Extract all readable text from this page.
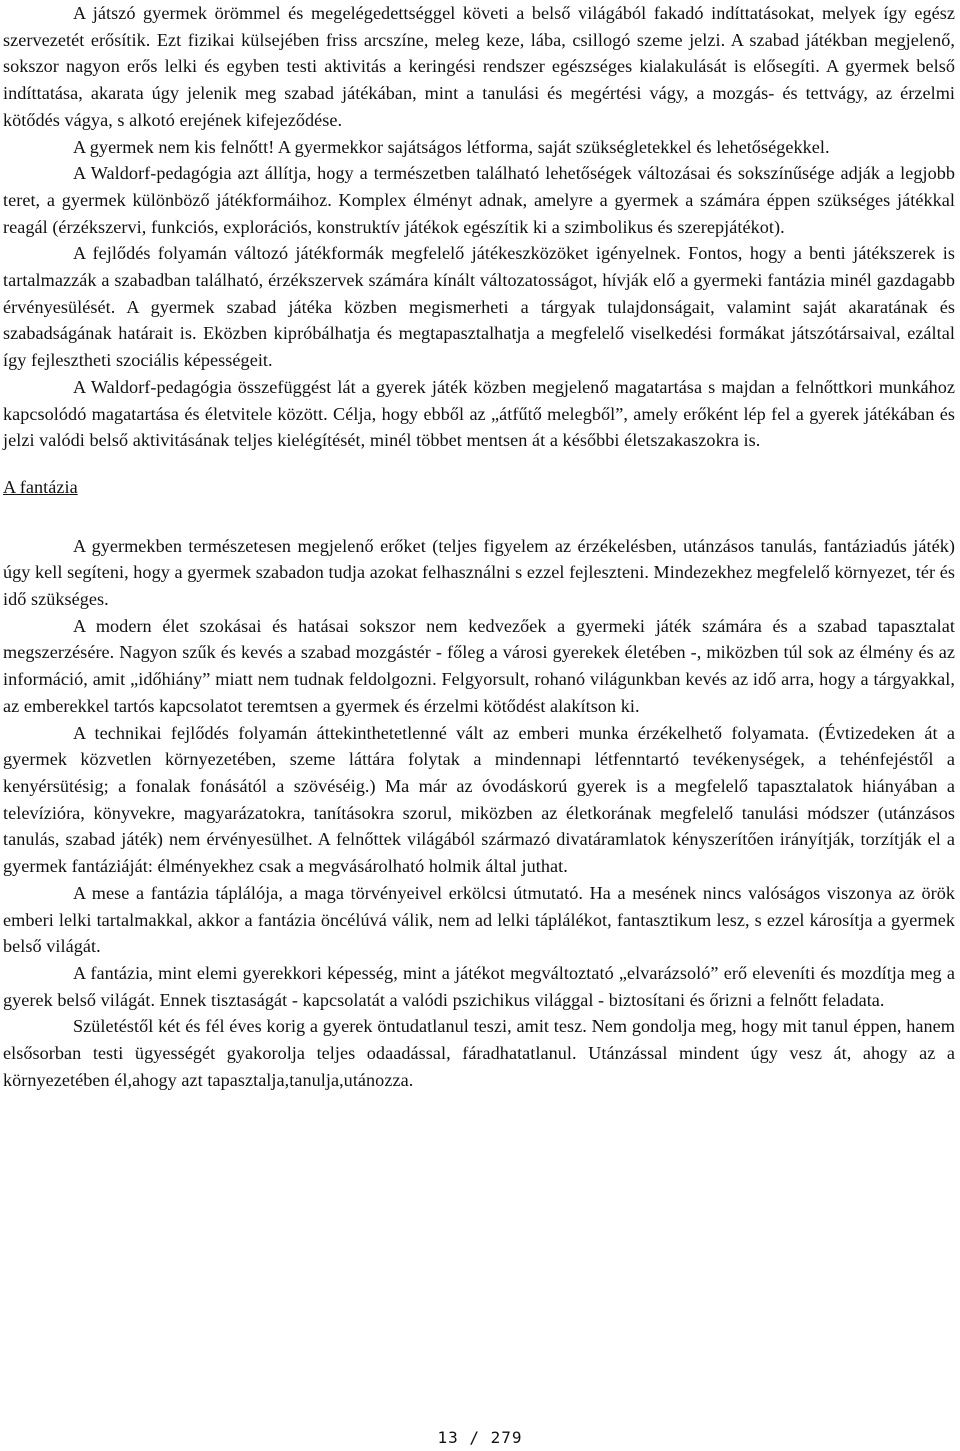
A játszó gyermek örömmel és megelégedettséggel követi a belső világából fakadó indíttatásokat, melyek így egész szervezetét erősítik. Ezt fizikai külsejében friss arcszíne, meleg keze, lába, csillogó szeme jelzi. A szabad játékban megjelenő, sokszor nagyon erős lelki és egyben testi aktivitás a keringési rendszer egészséges kialakulását is elősegíti. A gyermek belső indíttatása, akarata úgy jelenik meg szabad játékában, mint a tanulási és megértési vágy, a mozgás- és tettvágy, az érzelmi kötődés vágya, s alkotó erejének kifejeződése.

A gyermek nem kis felnőtt! A gyermekkor sajátságos létforma, saját szükségletekkel és lehetőségekkel.

A Waldorf-pedagógia azt állítja, hogy a természetben található lehetőségek változásai és sokszínűsége adják a legjobb teret, a gyermek különböző játékformáihoz. Komplex élményt adnak, amelyre a gyermek a számára éppen szükséges játékkal reagál (érzékszervi, funkciós, explorációs, konstruktív játékok egészítik ki a szimbolikus és szerepjátékot).

A fejlődés folyamán változó játékformák megfelelő játékeszközöket igényelnek. Fontos, hogy a benti játékszerek is tartalmazzák a szabadban található, érzékszervek számára kínált változatosságot, hívják elő a gyermeki fantázia minél gazdagabb érvényesülését. A gyermek szabad játéka közben megismerheti a tárgyak tulajdonságait, valamint saját akaratának és szabadságának határait is. Eközben kipróbálhatja és megtapasztalhatja a megfelelő viselkedési formákat játszótársaival, ezáltal így fejlesztheti szociális képességeit.

A Waldorf-pedagógia összefüggést lát a gyerek játék közben megjelenő magatartása s majdan a felnőttkori munkához kapcsolódó magatartása és életvitele között. Célja, hogy ebből az „átfűtő melegből”, amely erőként lép fel a gyerek játékában és jelzi valódi belső aktivitásának teljes kielégítését, minél többet mentsen át a későbbi életszakaszokra is.

A fantázia

A gyermekben természetesen megjelenő erőket (teljes figyelem az érzékelésben, utánzásos tanulás, fantáziadús játék) úgy kell segíteni, hogy a gyermek szabadon tudja azokat felhasználni s ezzel fejleszteni. Mindezekhez megfelelő környezet, tér és idő szükséges.

A modern élet szokásai és hatásai sokszor nem kedvezőek a gyermeki játék számára és a szabad tapasztalat megszerzésére. Nagyon szűk és kevés a szabad mozgástér - főleg a városi gyerekek életében -, miközben túl sok az élmény és az információ, amit „időhiány” miatt nem tudnak feldolgozni. Felgyorsult, rohanó világunkban kevés az idő arra, hogy a tárgyakkal, az emberekkel tartós kapcsolatot teremtsen a gyermek és érzelmi kötődést alakítson ki.

A technikai fejlődés folyamán áttekinthetetlenné vált az emberi munka érzékelhető folyamata. (Évtizedeken át a gyermek közvetlen környezetében, szeme láttára folytak a mindennapi létfenntartó tevékenységek, a tehénfejéstől a kenyérsütésig; a fonalak fonásától a szövéséig.) Ma már az óvodáskorú gyerek is a megfelelő tapasztalatok hiányában a televízióra, könyvekre, magyarázatokra, tanításokra szorul, miközben az életkorának megfelelő tanulási módszer (utánzásos tanulás, szabad játék) nem érvényesülhet. A felnőttek világából származó divatáramlatok kényszerítően irányítják, torzítják el a gyermek fantáziáját: élményekhez csak a megvásárolható holmik által juthat.

A mese a fantázia táplálója, a maga törvényeivel erkölcsi útmutató. Ha a mesének nincs valóságos viszonya az örök emberi lelki tartalmakkal, akkor a fantázia öncélúvá válik, nem ad lelki táplálékot, fantasztikum lesz, s ezzel károsítja a gyermek belső világát.

A fantázia, mint elemi gyerekkori képesség, mint a játékot megváltoztató „elvarázsoló” erő eleveníti és mozdítja meg a gyerek belső világát. Ennek tisztaságát - kapcsolatát a valódi pszichikus világgal - biztosítani és őrizni a felnőtt feladata.

Születéstől két és fél éves korig a gyerek öntudatlanul teszi, amit tesz. Nem gondolja meg, hogy mit tanul éppen, hanem elsősorban testi ügyességét gyakorolja teljes odaadással, fáradhatatlanul. Utánzással mindent úgy vesz át, ahogy az a környezetében él,ahogy azt tapasztalja,tanulja,utánozza.

13 / 279
